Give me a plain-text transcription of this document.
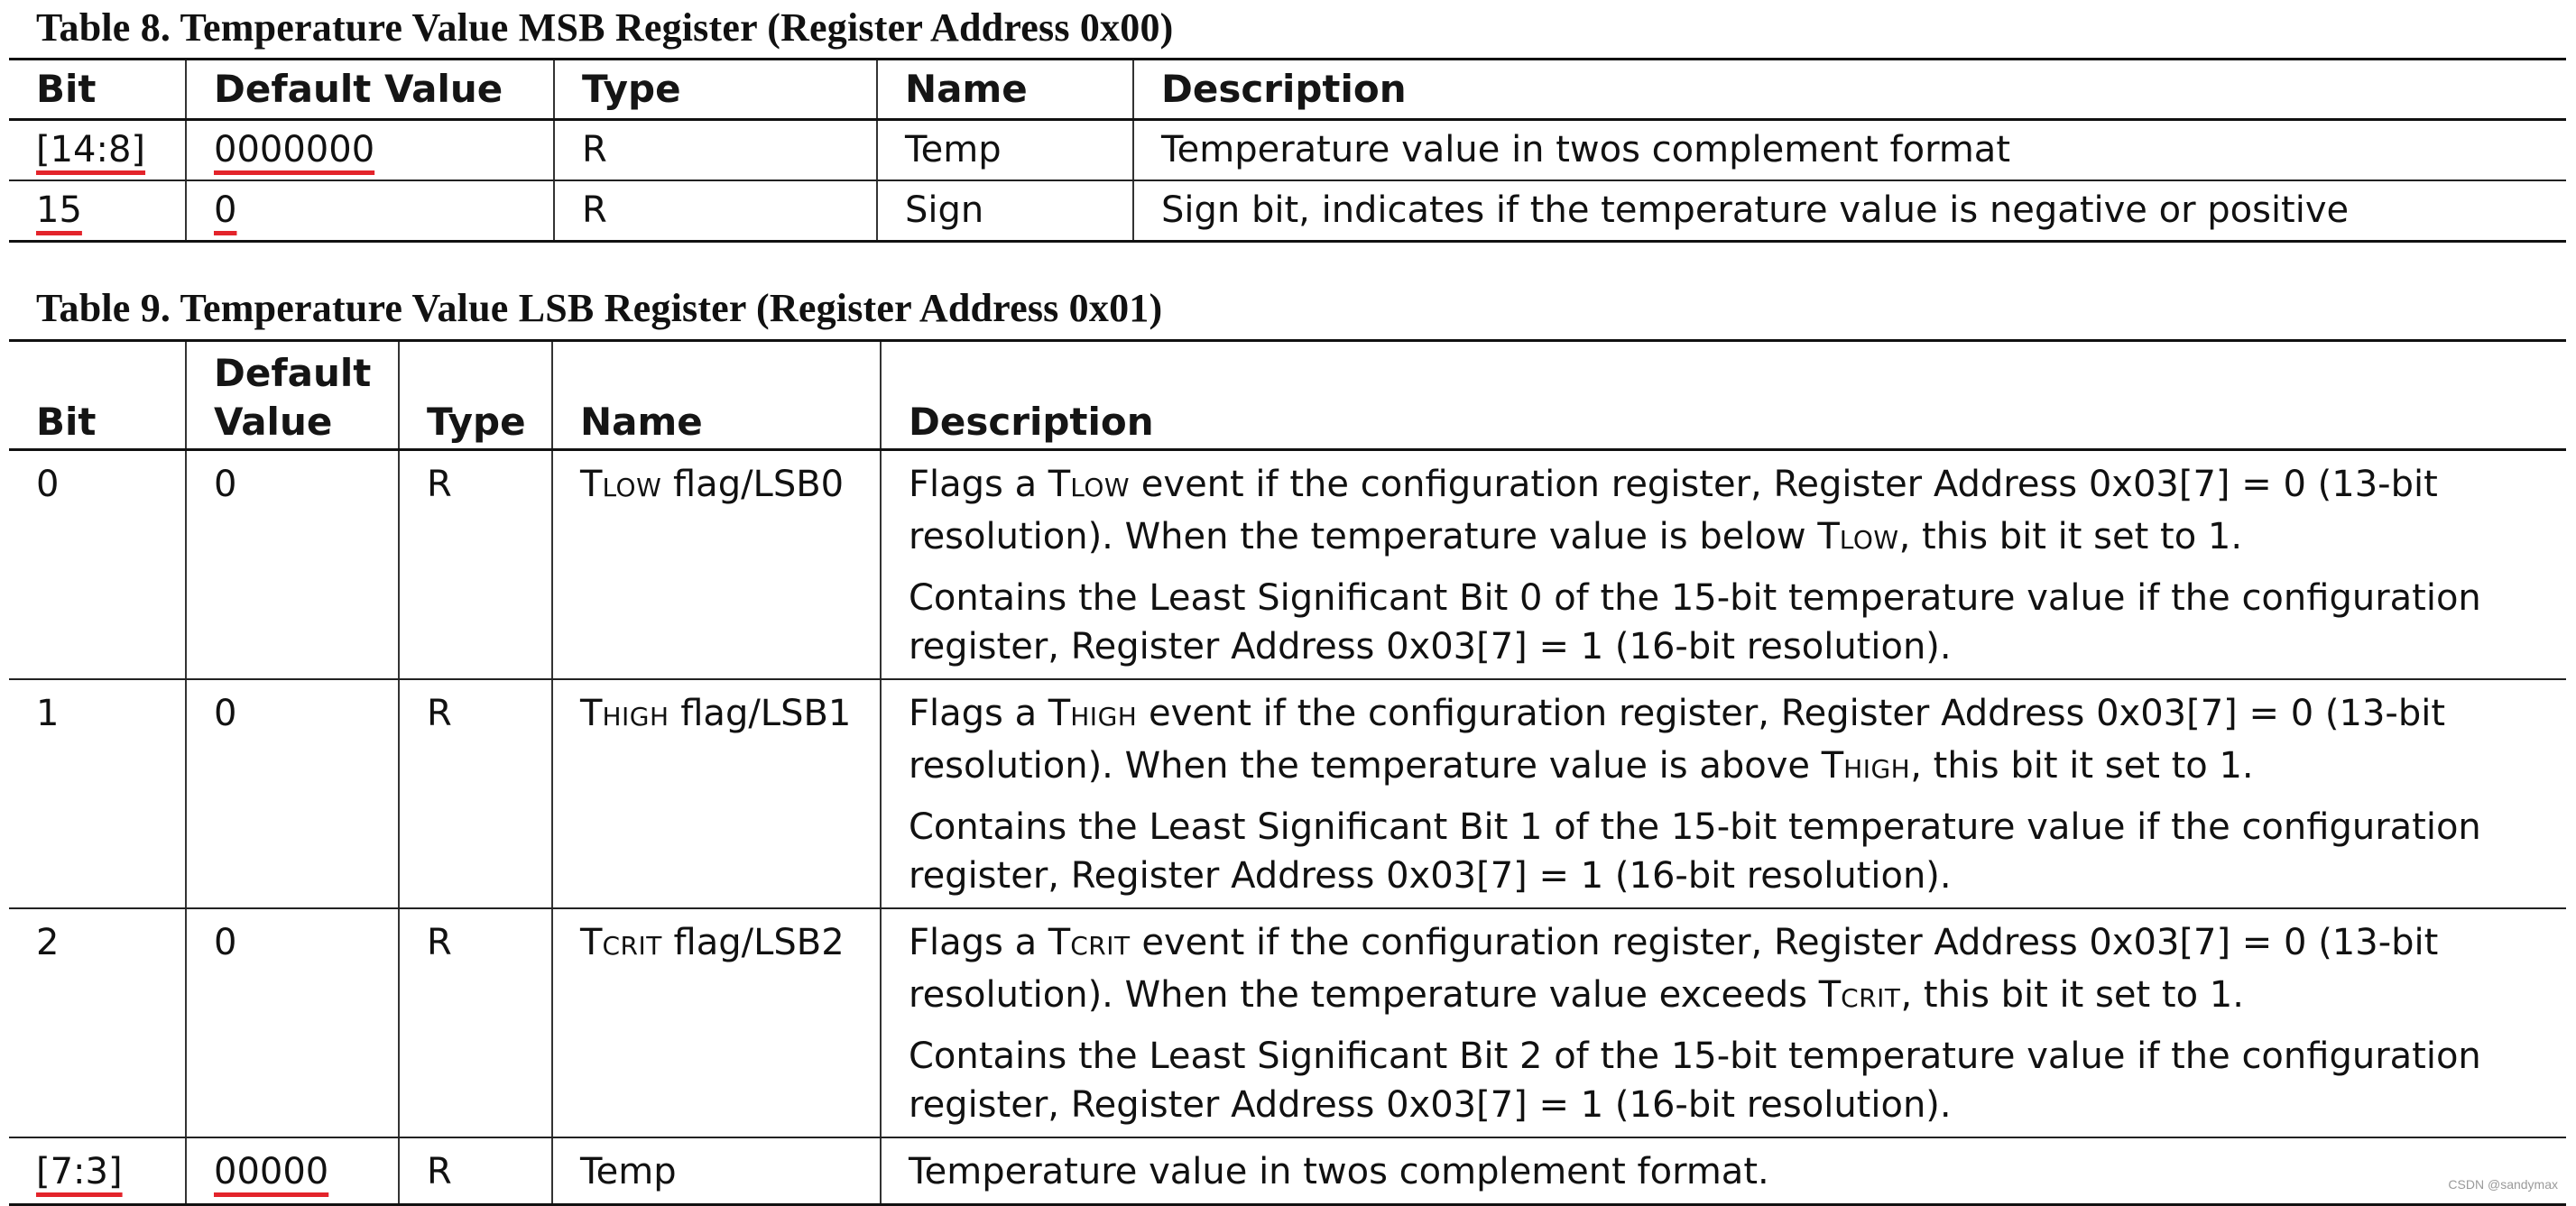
Table 8. Temperature Value MSB Register (Register Address 0x00)
Bit	Default Value	Type	Name	Description
[14:8]	0000000	R	Temp	Temperature value in twos complement format
15	0	R	Sign	Sign bit, indicates if the temperature value is negative or positive
Table 9. Temperature Value LSB Register (Register Address 0x01)
Bit	Default Value	Type	Name	Description
0	0	R	TLOW flag/LSB0	Flags a TLOW event if the configuration register, Register Address 0x03[7] = 0 (13-bit resolution). When the temperature value is below TLOW, this bit it set to 1.
Contains the Least Significant Bit 0 of the 15-bit temperature value if the configuration register, Register Address 0x03[7] = 1 (16-bit resolution).

1	0	R	THIGH flag/LSB1	Flags a THIGH event if the configuration register, Register Address 0x03[7] = 0 (13-bit resolution). When the temperature value is above THIGH, this bit it set to 1.
Contains the Least Significant Bit 1 of the 15-bit temperature value if the configuration register, Register Address 0x03[7] = 1 (16-bit resolution).

2	0	R	TCRIT flag/LSB2	Flags a TCRIT event if the configuration register, Register Address 0x03[7] = 0 (13-bit resolution). When the temperature value exceeds TCRIT, this bit it set to 1.
Contains the Least Significant Bit 2 of the 15-bit temperature value if the configuration register, Register Address 0x03[7] = 1 (16-bit resolution).

[7:3]	00000	R	Temp	Temperature value in twos complement format.	CSDN @sandymax
